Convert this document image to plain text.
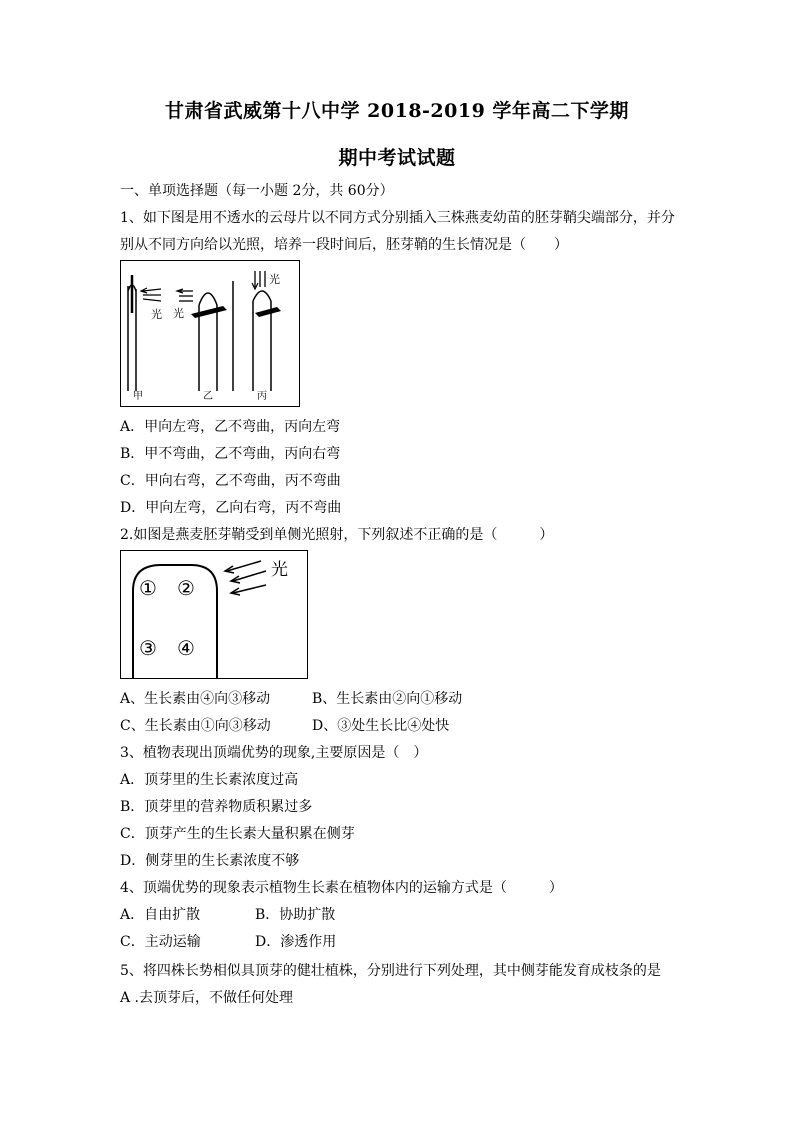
甘肃省武威第十八中学 2018-2019 学年高二下学期
期中考试试题
一、单项选择题（每一小题 2分，共 60分）
1、如下图是用不透水的云母片以不同方式分别插入三株燕麦幼苗的胚芽鞘尖端部分，并分
别从不同方向给以光照，培养一段时间后，胚芽鞘的生长情况是（　　）
光
甲
光
乙
光
丙
A．甲向左弯，乙不弯曲，丙向左弯
B．甲不弯曲，乙不弯曲，丙向右弯
C．甲向右弯，乙不弯曲，丙不弯曲
D．甲向左弯，乙向右弯，丙不弯曲
2.如图是燕麦胚芽鞘受到单侧光照射，下列叙述不正确的是（　　　）
光
① ②
③ ④
A、生长素由④向③移动	B、生长素由②向①移动
C、生长素由①向③移动	D、③处生长比④处快
3、植物表现出顶端优势的现象,主要原因是（　）
A．顶芽里的生长素浓度过高
B．顶芽里的营养物质积累过多
C．顶芽产生的生长素大量积累在侧芽
D．侧芽里的生长素浓度不够
4、顶端优势的现象表示植物生长素在植物体内的运输方式是（　　　）
A．自由扩散	B．协助扩散
C．主动运输	D．渗透作用
5、将四株长势相似具顶芽的健壮植株，分别进行下列处理，其中侧芽能发育成枝条的是
A .去顶芽后，不做任何处理
